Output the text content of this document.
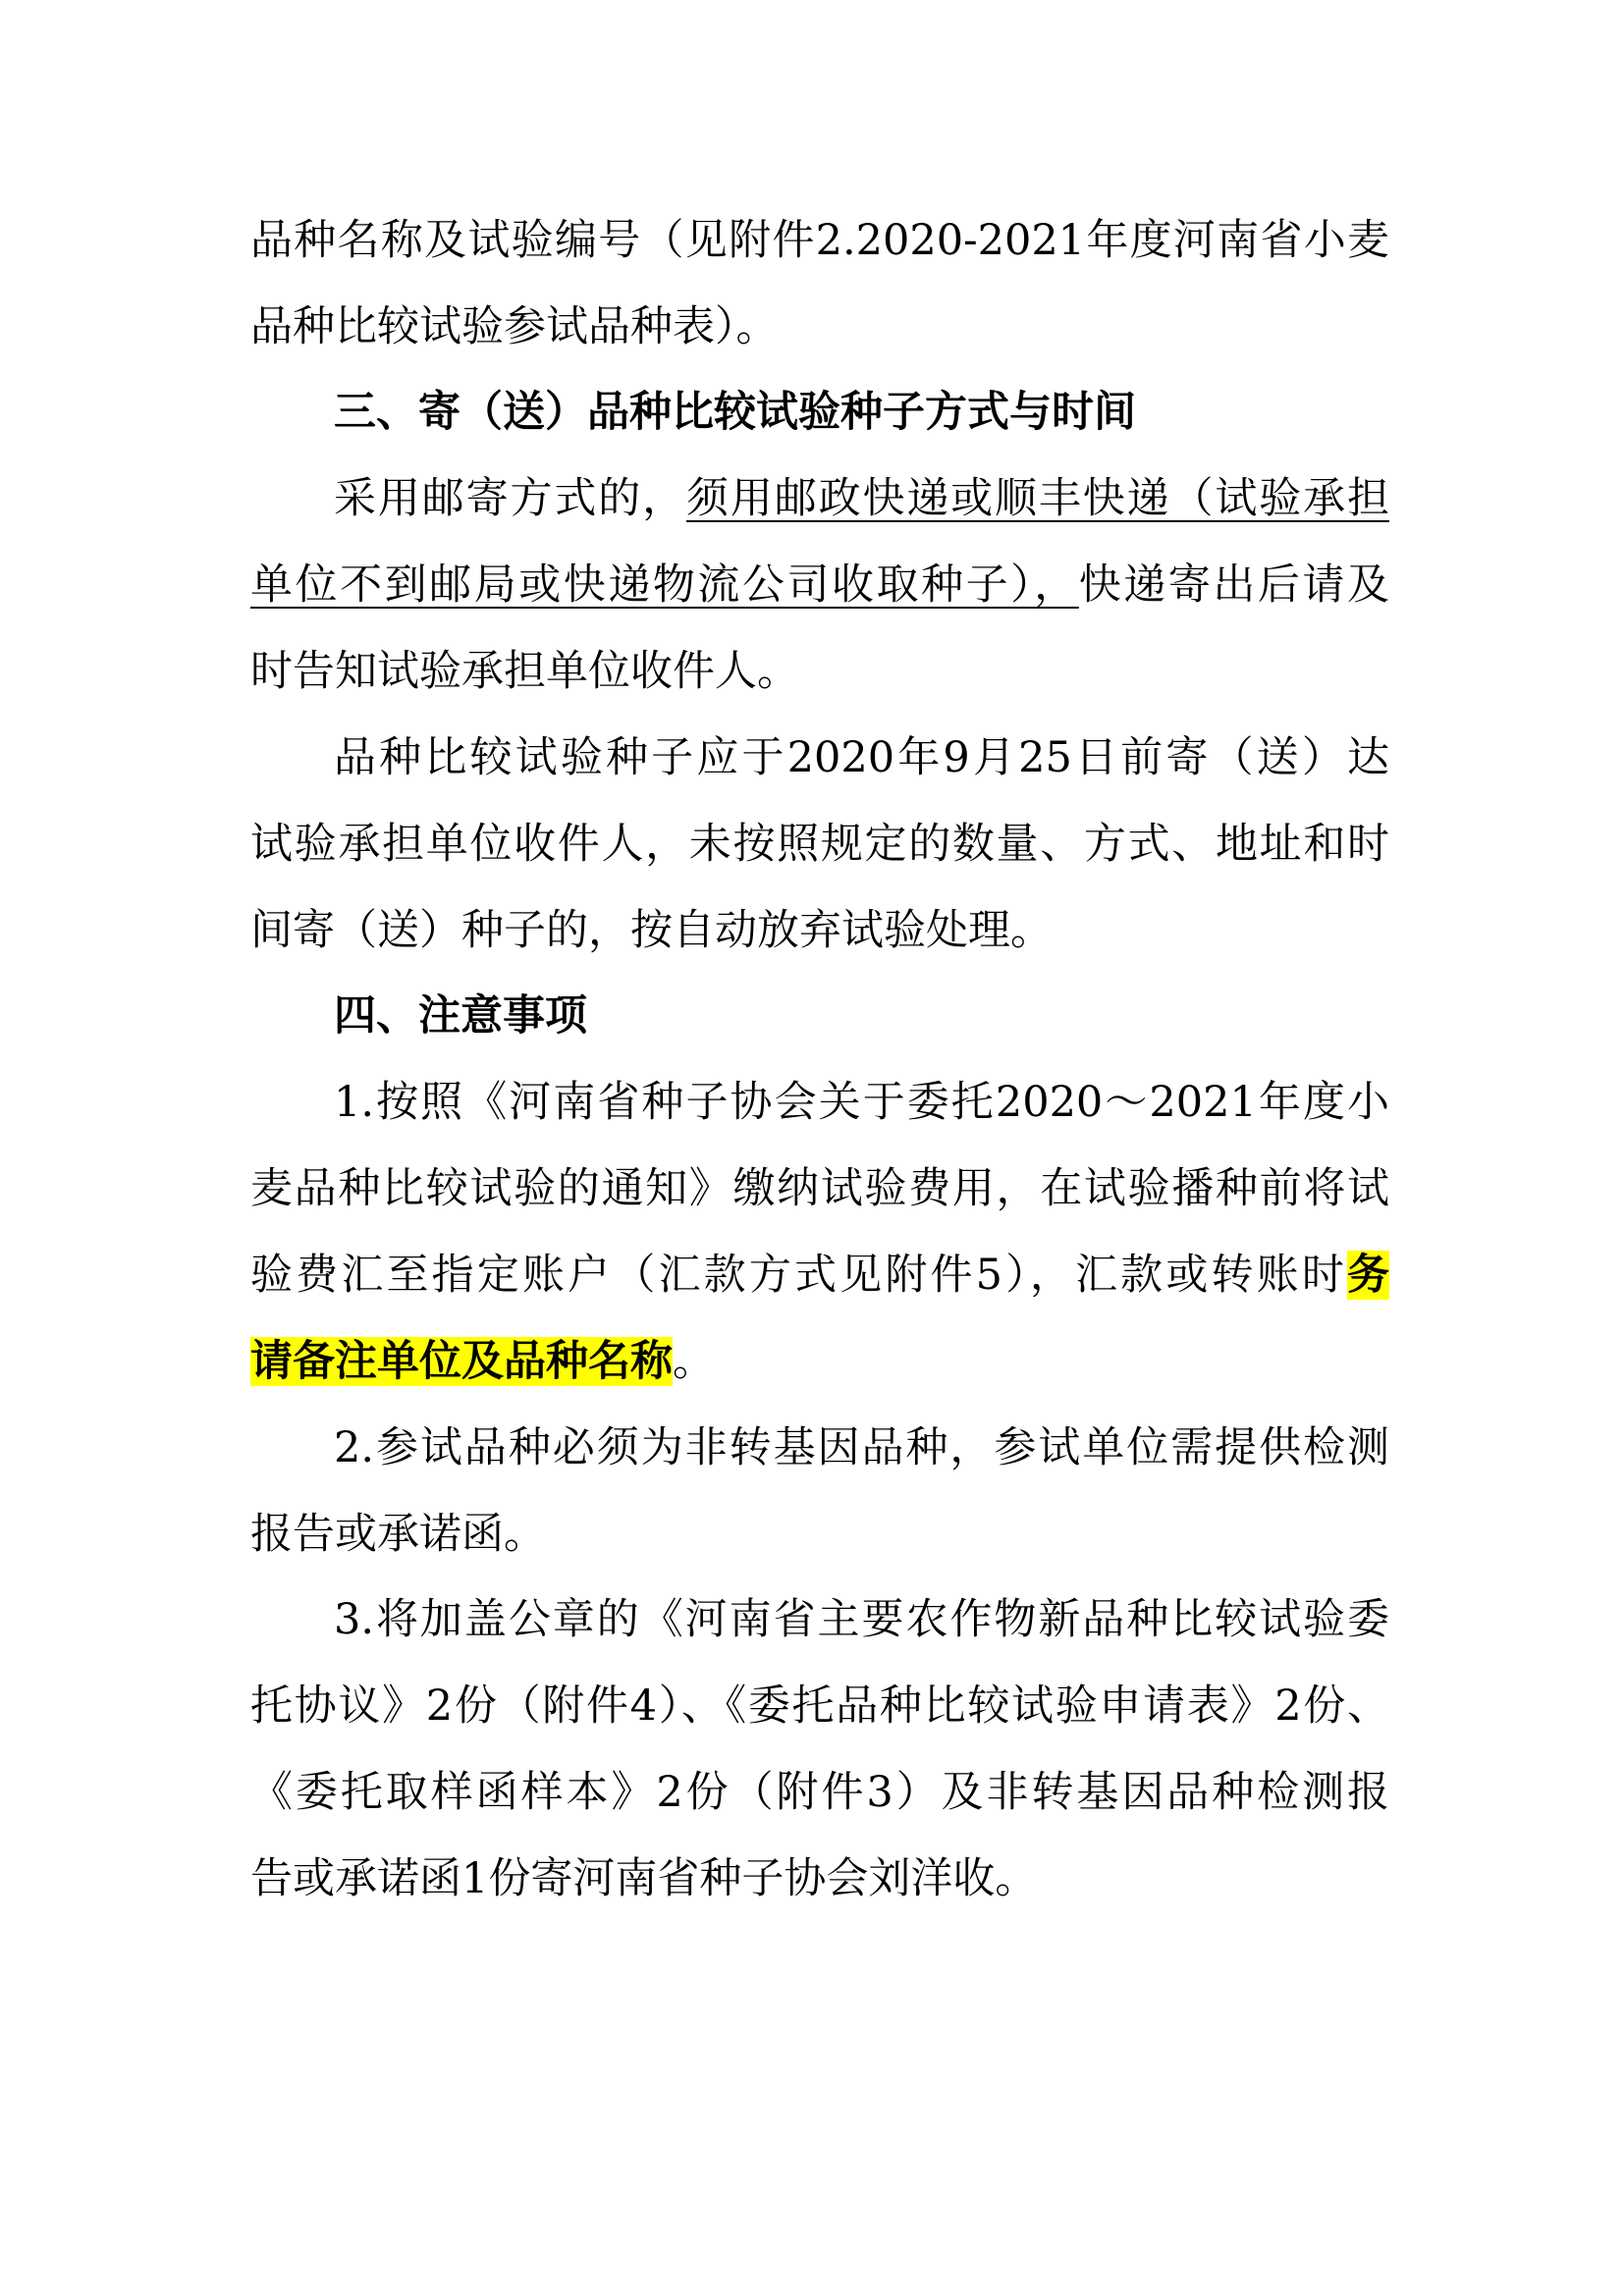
品种名称及试验编号（见附件2.2020-2021年度河南省小麦
品种比较试验参试品种表）。
三、寄（送）品种比较试验种子方式与时间
采用邮寄方式的，须用邮政快递或顺丰快递（试验承担
单位不到邮局或快递物流公司收取种子），快递寄出后请及
时告知试验承担单位收件人。
品种比较试验种子应于2020年9月25日前寄（送）达
试验承担单位收件人，未按照规定的数量、方式、地址和时
间寄（送）种子的，按自动放弃试验处理。
四、注意事项
1.按照《河南省种子协会关于委托2020～2021年度小
麦品种比较试验的通知》缴纳试验费用，在试验播种前将试
验费汇至指定账户（汇款方式见附件5），汇款或转账时务
请备注单位及品种名称。
2.参试品种必须为非转基因品种，参试单位需提供检测
报告或承诺函。
3.将加盖公章的《河南省主要农作物新品种比较试验委
托协议》2份（附件4）、《委托品种比较试验申请表》2份、
《委托取样函样本》2份（附件3）及非转基因品种检测报
告或承诺函1份寄河南省种子协会刘洋收。
